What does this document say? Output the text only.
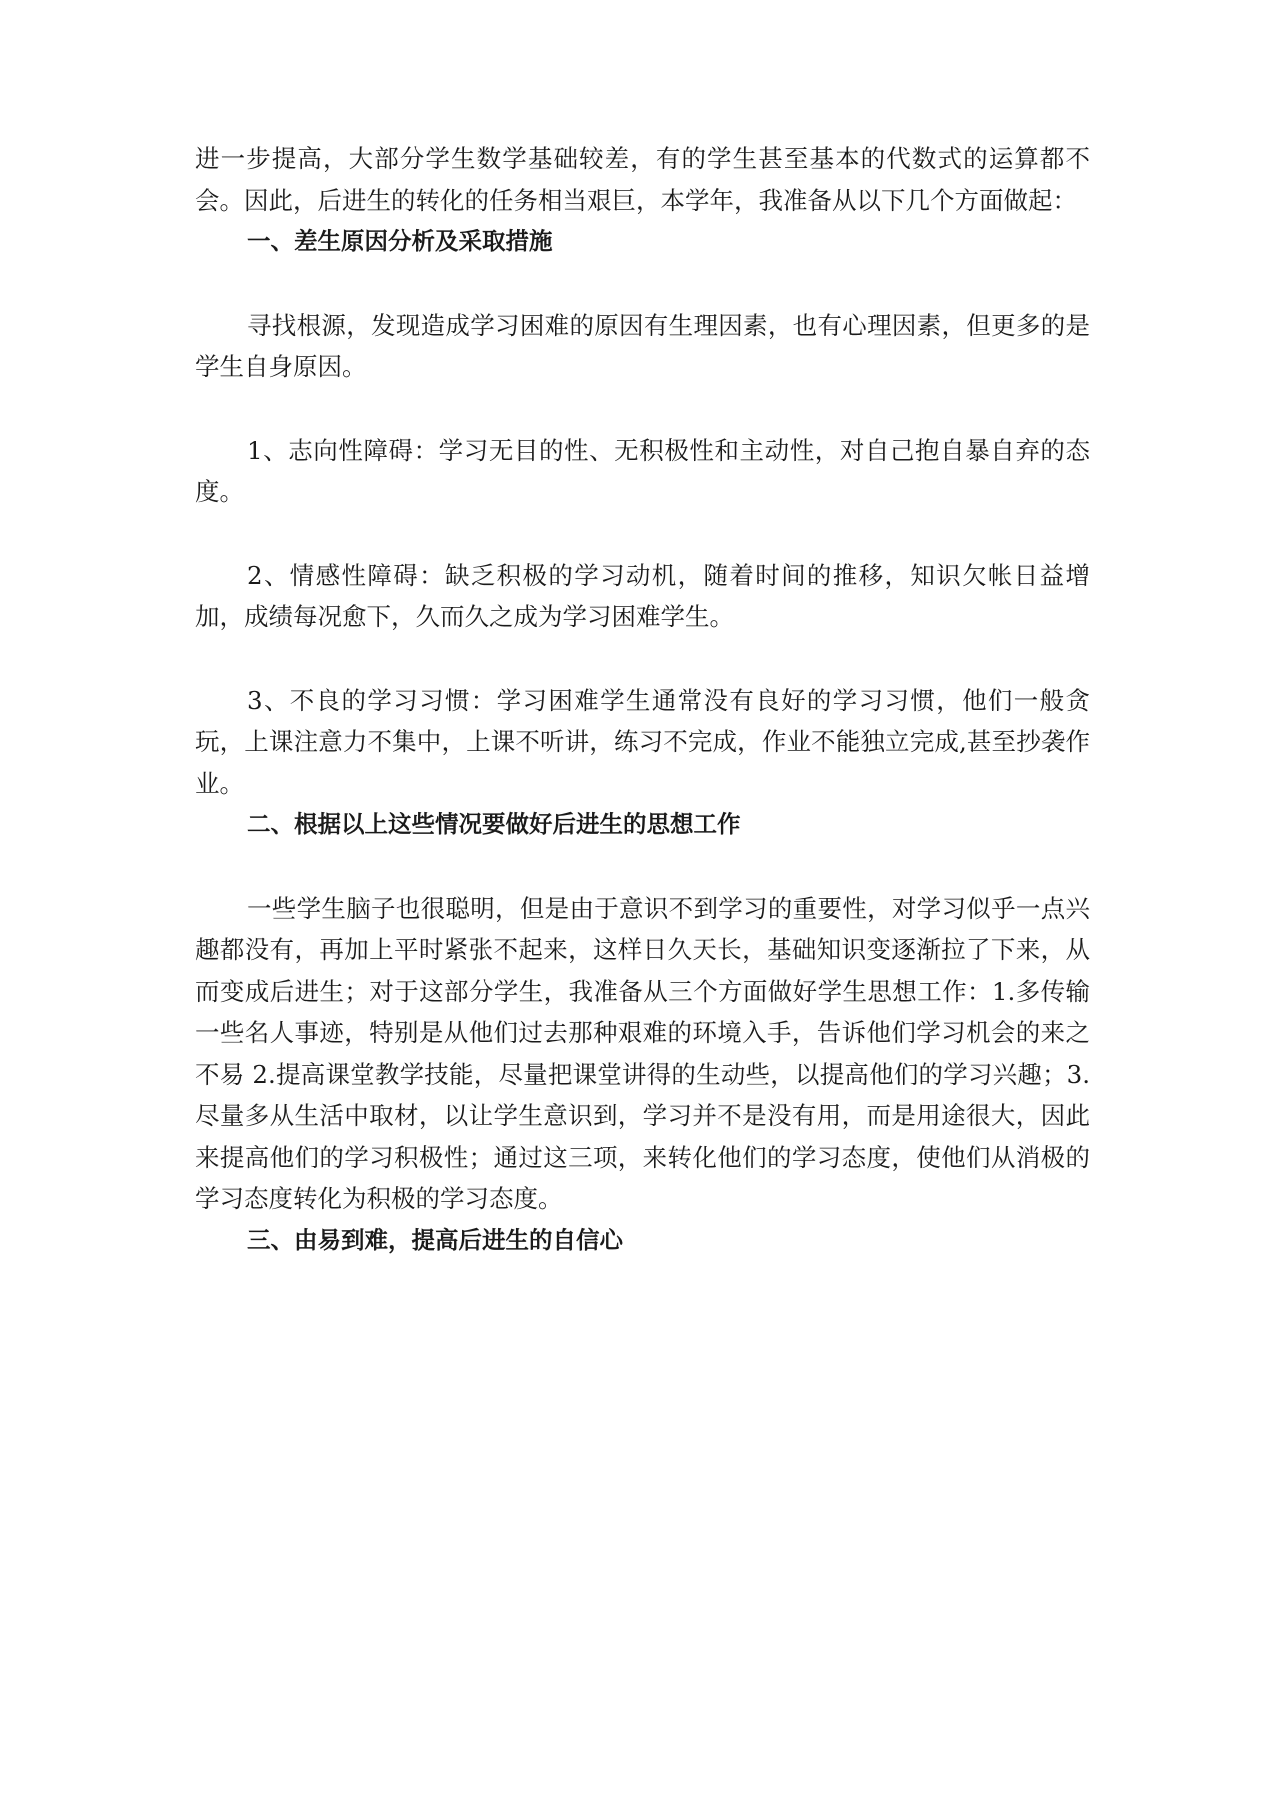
进一步提高，大部分学生数学基础较差，有的学生甚至基本的代数式的运算都不会。因此，后进生的转化的任务相当艰巨，本学年，我准备从以下几个方面做起：

一、差生原因分析及采取措施

寻找根源，发现造成学习困难的原因有生理因素，也有心理因素，但更多的是学生自身原因。

1、志向性障碍：学习无目的性、无积极性和主动性，对自己抱自暴自弃的态度。

2、情感性障碍：缺乏积极的学习动机，随着时间的推移，知识欠帐日益增加，成绩每况愈下，久而久之成为学习困难学生。

3、不良的学习习惯：学习困难学生通常没有良好的学习习惯，他们一般贪玩，上课注意力不集中，上课不听讲，练习不完成，作业不能独立完成,甚至抄袭作业。

二、根据以上这些情况要做好后进生的思想工作

一些学生脑子也很聪明，但是由于意识不到学习的重要性，对学习似乎一点兴趣都没有，再加上平时紧张不起来，这样日久天长，基础知识变逐渐拉了下来，从而变成后进生；对于这部分学生，我准备从三个方面做好学生思想工作：1.多传输一些名人事迹，特别是从他们过去那种艰难的环境入手，告诉他们学习机会的来之不易 2.提高课堂教学技能，尽量把课堂讲得的生动些，以提高他们的学习兴趣；3.尽量多从生活中取材，以让学生意识到，学习并不是没有用，而是用途很大，因此来提高他们的学习积极性；通过这三项，来转化他们的学习态度，使他们从消极的学习态度转化为积极的学习态度。

三、由易到难，提高后进生的自信心
